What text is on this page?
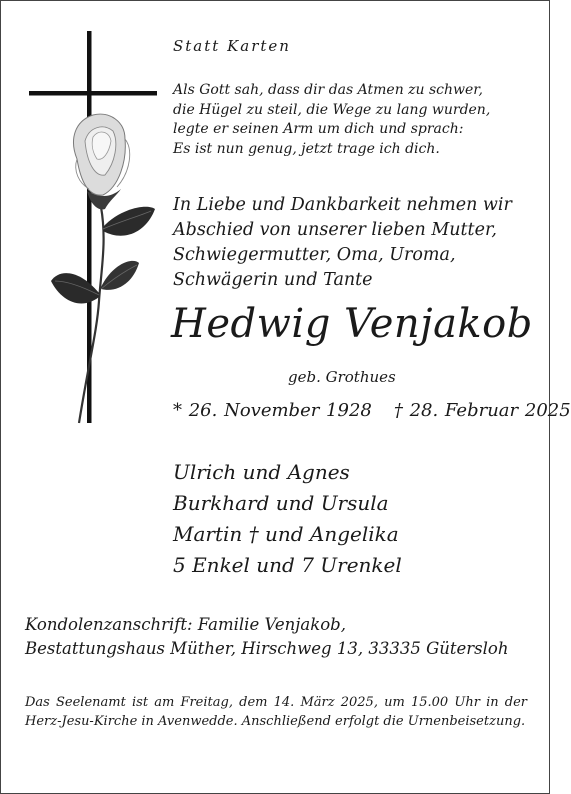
Statt Karten
Als Gott sah, dass dir das Atmen zu schwer,
die Hügel zu steil, die Wege zu lang wurden,
legte er seinen Arm um dich und sprach:
Es ist nun genug, jetzt trage ich dich.
In Liebe und Dankbarkeit nehmen wir
Abschied von unserer lieben Mutter,
Schwiegermutter, Oma, Uroma,
Schwägerin und Tante
Hedwig Venjakob
geb. Grothues
* 26. November 1928 † 28. Februar 2025
Ulrich und Agnes
Burkhard und Ursula
Martin † und Angelika
5 Enkel und 7 Urenkel
Kondolenzanschrift: Familie Venjakob,
Bestattungshaus Müther, Hirschweg 13, 33335 Gütersloh
Das Seelenamt ist am Freitag, dem 14. März 2025, um 15.00 Uhr in der Herz-Jesu-Kirche in Avenwedde. Anschließend erfolgt die Urnenbeisetzung.
